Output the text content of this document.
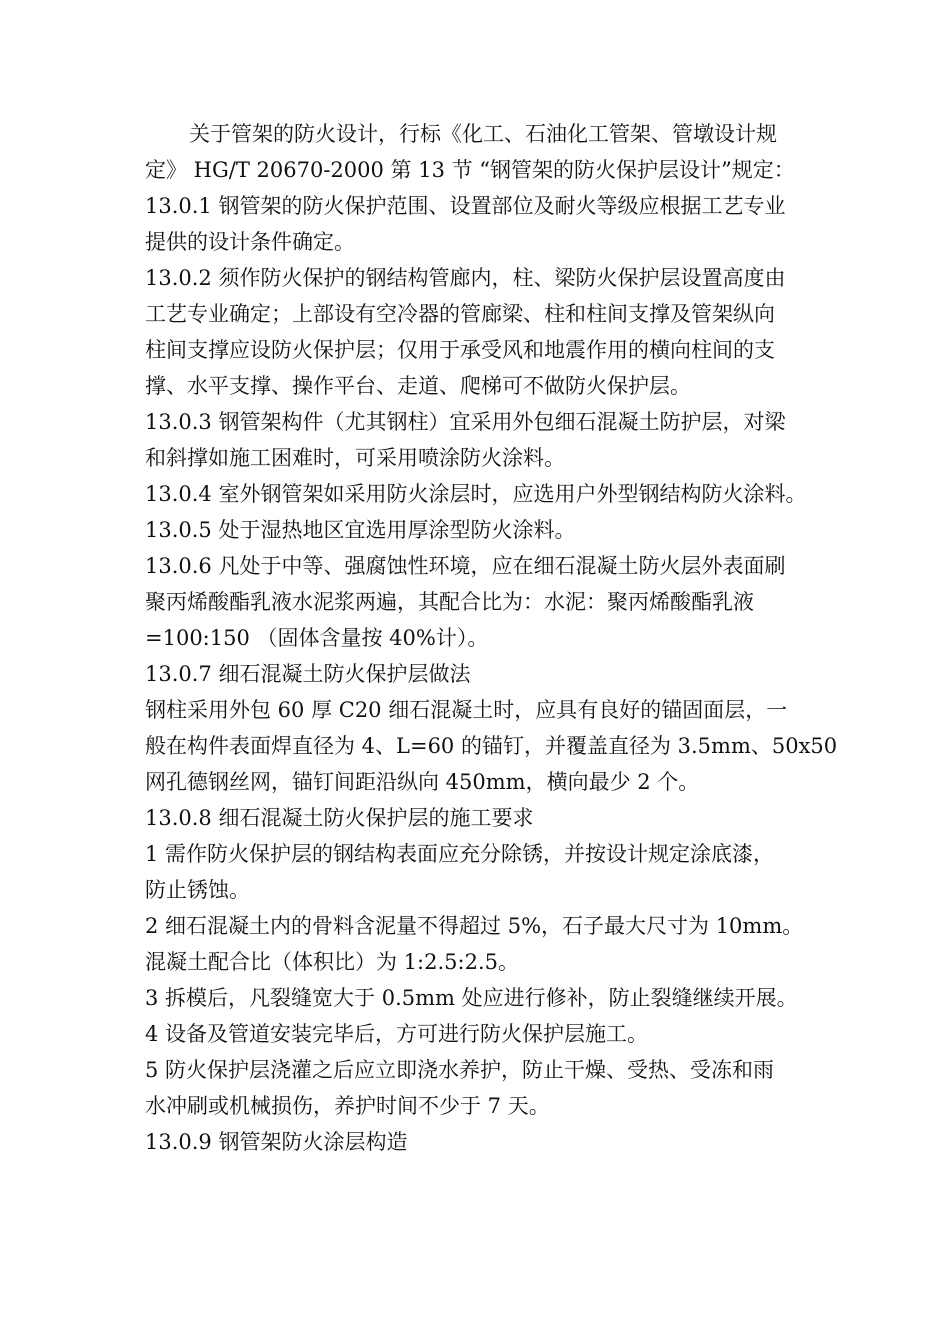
关于管架的防火设计，行标《化工、石油化工管架、管墩设计规
定》 HG/T 20670-2000 第 13 节 “钢管架的防火保护层设计”规定：
13.0.1 钢管架的防火保护范围、设置部位及耐火等级应根据工艺专业
提供的设计条件确定。
13.0.2 须作防火保护的钢结构管廊内，柱、梁防火保护层设置高度由
工艺专业确定；上部设有空冷器的管廊梁、柱和柱间支撑及管架纵向
柱间支撑应设防火保护层；仅用于承受风和地震作用的横向柱间的支
撑、水平支撑、操作平台、走道、爬梯可不做防火保护层。
13.0.3 钢管架构件（尤其钢柱）宜采用外包细石混凝土防护层，对梁
和斜撑如施工困难时，可采用喷涂防火涂料。
13.0.4 室外钢管架如采用防火涂层时，应选用户外型钢结构防火涂料。
13.0.5 处于湿热地区宜选用厚涂型防火涂料。
13.0.6 凡处于中等、强腐蚀性环境，应在细石混凝土防火层外表面刷
聚丙烯酸酯乳液水泥浆两遍，其配合比为：水泥：聚丙烯酸酯乳液
=100:150 （固体含量按 40%计）。
13.0.7 细石混凝土防火保护层做法
钢柱采用外包 60 厚 C20 细石混凝土时，应具有良好的锚固面层，一
般在构件表面焊直径为 4、L=60 的锚钉，并覆盖直径为 3.5mm、50x50
网孔德钢丝网，锚钉间距沿纵向 450mm，横向最少 2 个。
13.0.8 细石混凝土防火保护层的施工要求
1 需作防火保护层的钢结构表面应充分除锈，并按设计规定涂底漆，
防止锈蚀。
2 细石混凝土内的骨料含泥量不得超过 5%，石子最大尺寸为 10mm。
混凝土配合比（体积比）为 1:2.5:2.5。
3 拆模后，凡裂缝宽大于 0.5mm 处应进行修补，防止裂缝继续开展。
4 设备及管道安装完毕后，方可进行防火保护层施工。
5 防火保护层浇灌之后应立即浇水养护，防止干燥、受热、受冻和雨
水冲刷或机械损伤，养护时间不少于 7 天。
13.0.9 钢管架防火涂层构造
